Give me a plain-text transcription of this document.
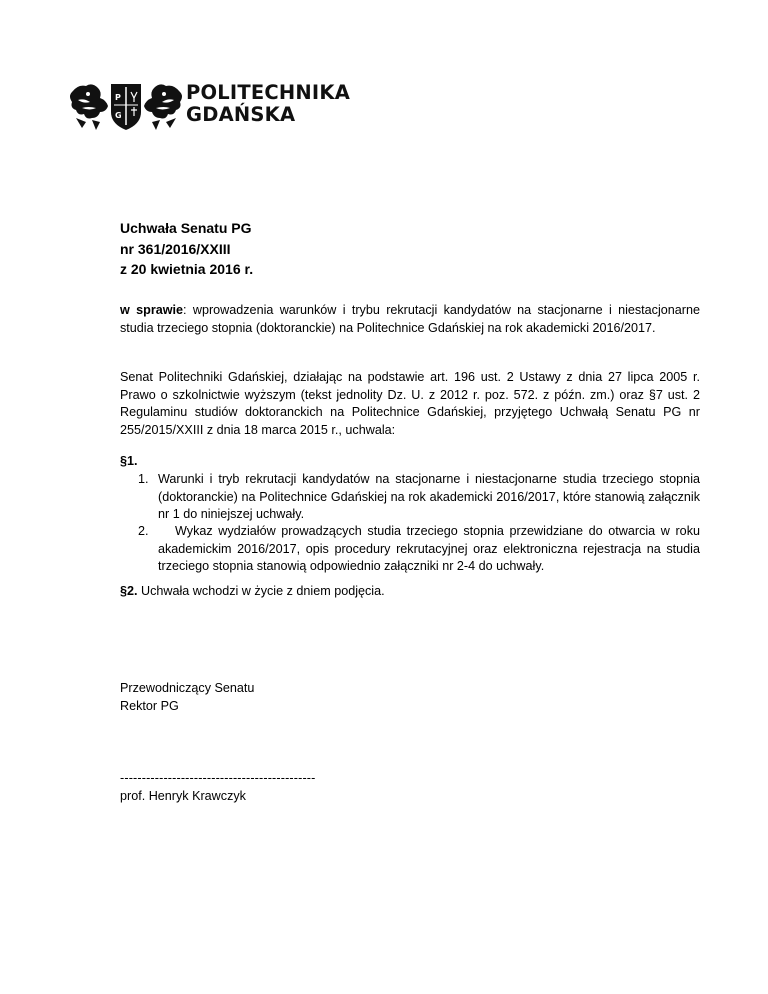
P
G
POLITECHNIKA
GDAŃSKA
Uchwała Senatu PG
nr 361/2016/XXIII
z 20 kwietnia 2016 r.
w sprawie: wprowadzenia warunków i trybu rekrutacji kandydatów na stacjonarne i niestacjonarne studia trzeciego stopnia (doktoranckie) na Politechnice Gdańskiej na rok akademicki 2016/2017.
Senat Politechniki Gdańskiej, działając na podstawie art. 196 ust. 2 Ustawy z dnia 27 lipca 2005 r. Prawo o szkolnictwie wyższym (tekst jednolity Dz. U. z 2012 r. poz. 572. z późn. zm.) oraz §7 ust. 2 Regulaminu studiów doktoranckich na Politechnice Gdańskiej, przyjętego Uchwałą Senatu PG nr 255/2015/XXIII z dnia 18 marca 2015 r., uchwala:
§1.
1. Warunki i tryb rekrutacji kandydatów na stacjonarne i niestacjonarne studia trzeciego stopnia (doktoranckie) na Politechnice Gdańskiej na rok akademicki 2016/2017, które stanowią załącznik nr 1 do niniejszej uchwały.
2.	Wykaz wydziałów prowadzących studia trzeciego stopnia przewidziane do otwarcia w roku akademickim 2016/2017, opis procedury rekrutacyjnej oraz elektroniczna rejestracja na studia trzeciego stopnia stanowią odpowiednio załączniki nr 2-4 do uchwały.
§2. Uchwała wchodzi w życie z dniem podjęcia.
Przewodniczący Senatu
Rektor PG
---------------------------------------------
prof. Henryk Krawczyk
